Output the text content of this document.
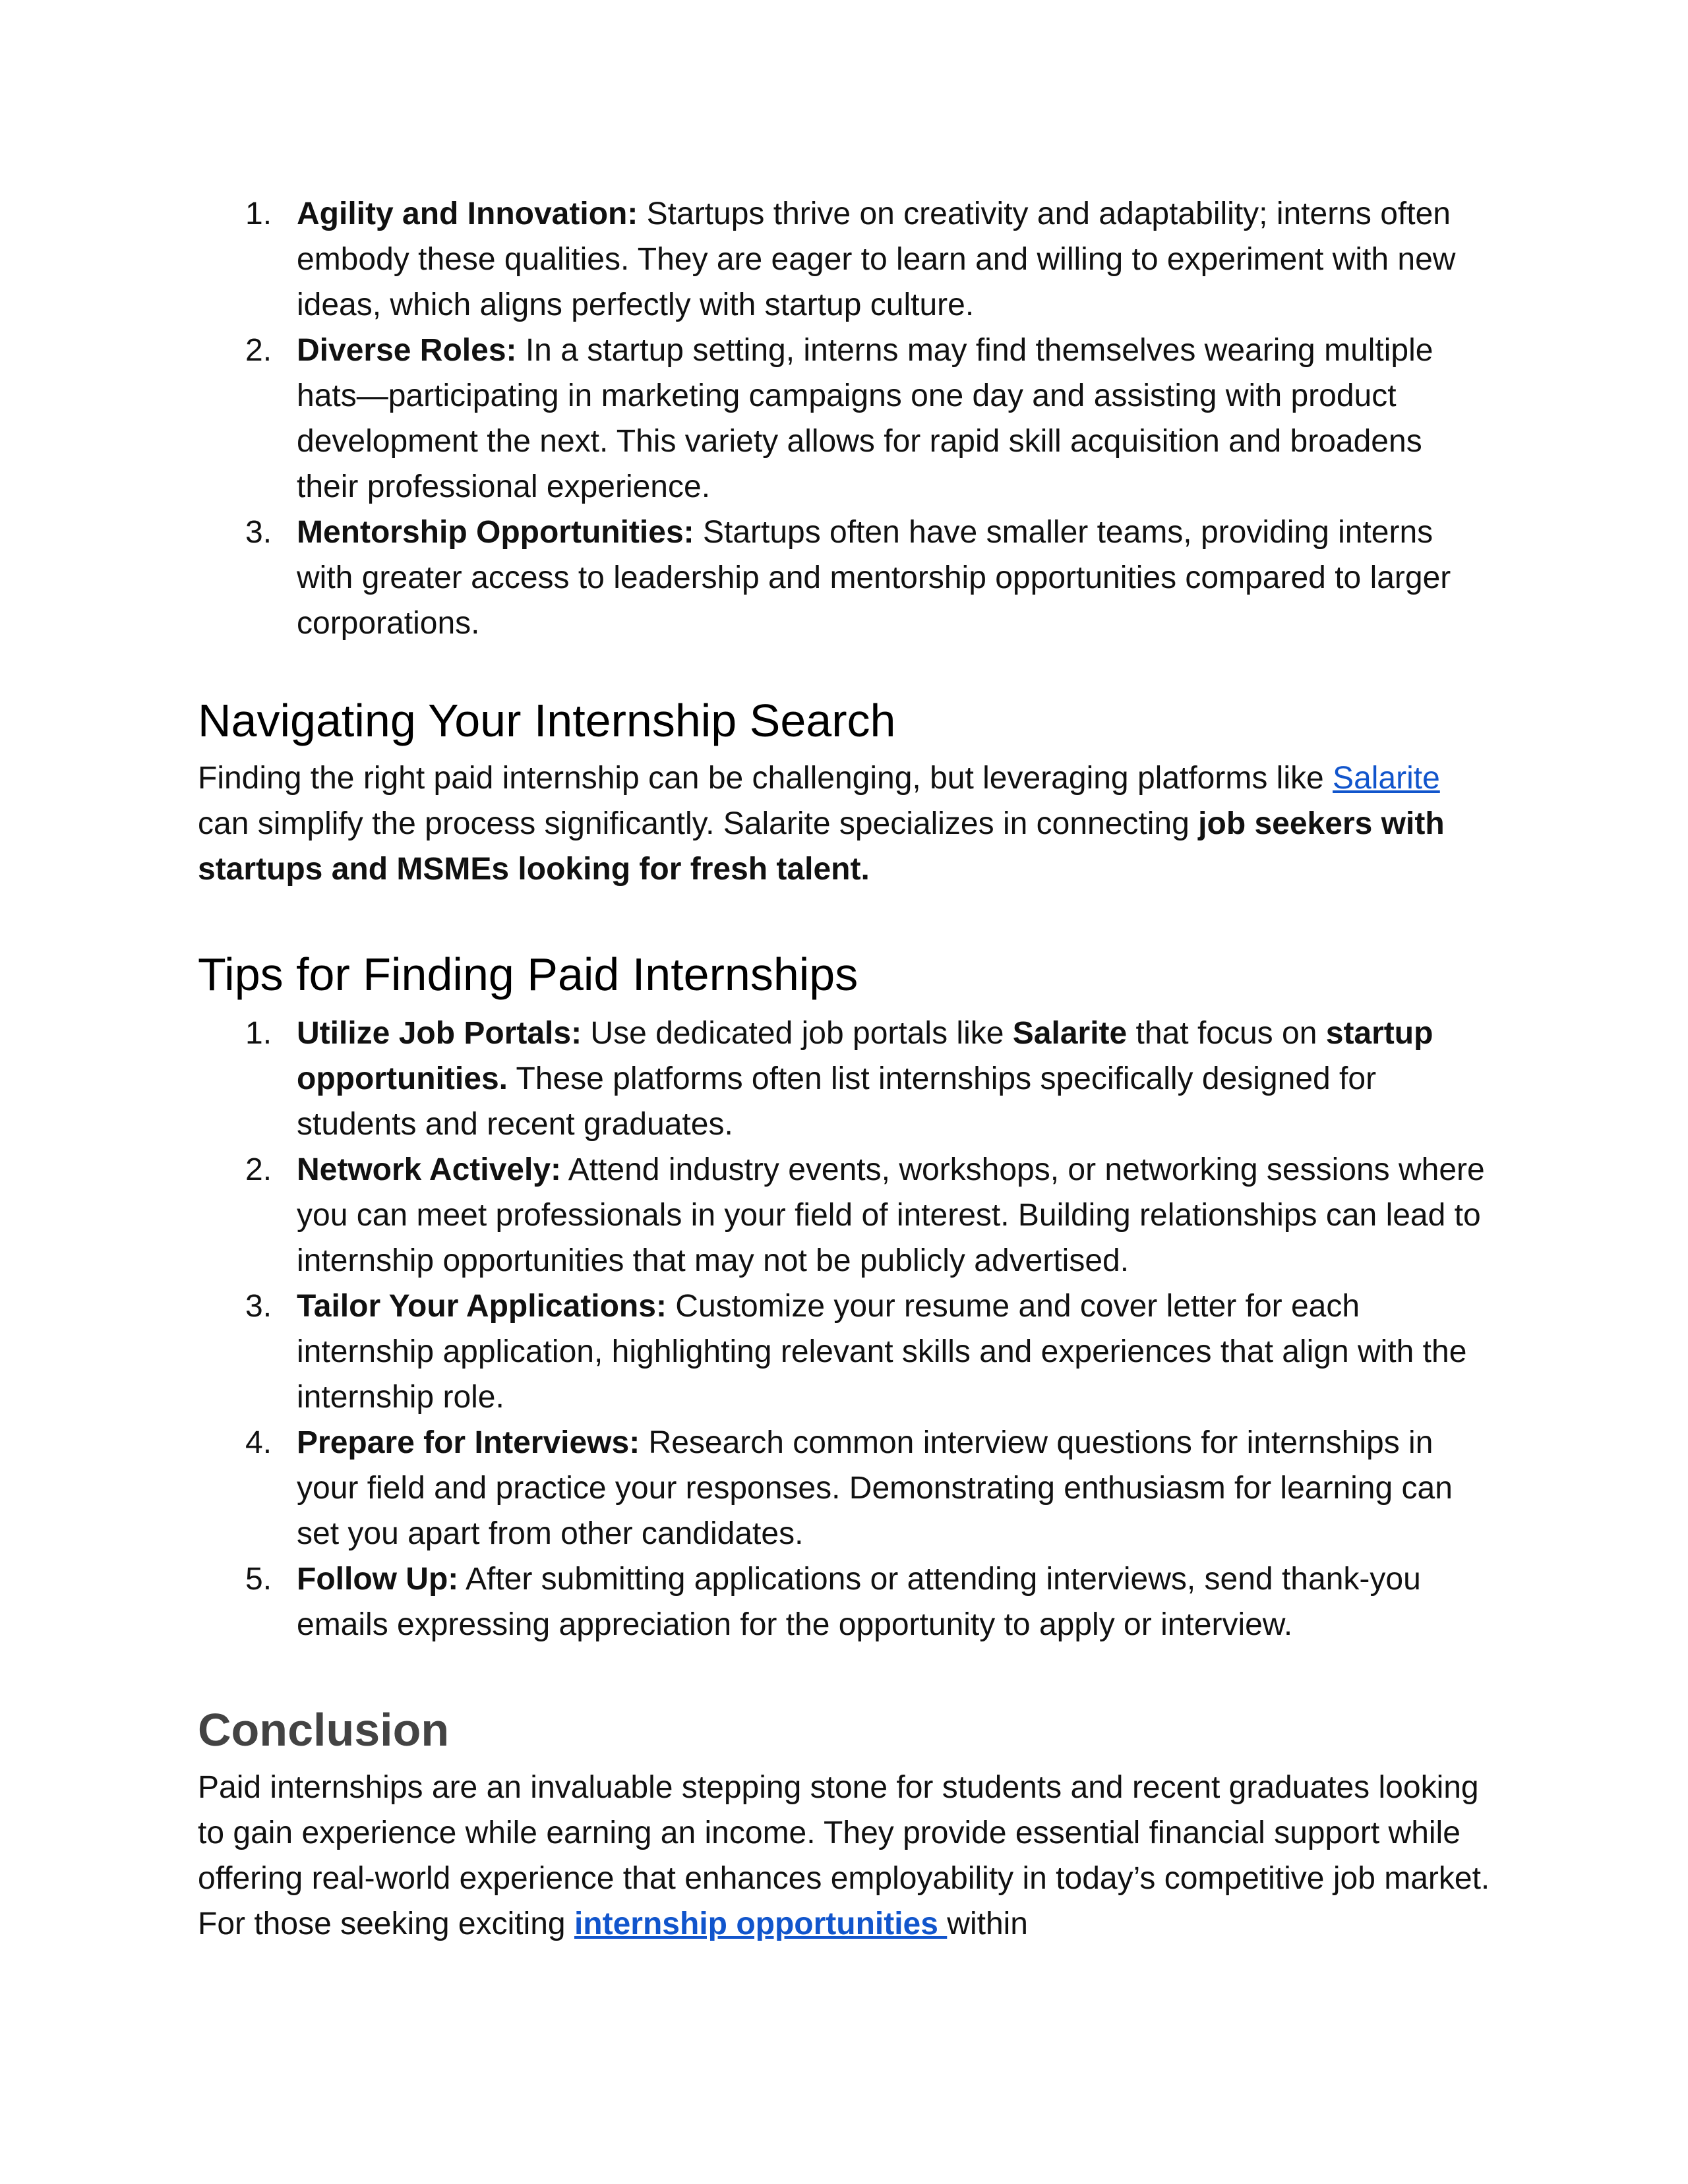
1. Agility and Innovation: Startups thrive on creativity and adaptability; interns often embody these qualities. They are eager to learn and willing to experiment with new ideas, which aligns perfectly with startup culture.
2. Diverse Roles: In a startup setting, interns may find themselves wearing multiple hats—participating in marketing campaigns one day and assisting with product development the next. This variety allows for rapid skill acquisition and broadens their professional experience.
3. Mentorship Opportunities: Startups often have smaller teams, providing interns with greater access to leadership and mentorship opportunities compared to larger corporations.
Navigating Your Internship Search

Finding the right paid internship can be challenging, but leveraging platforms like Salarite can simplify the process significantly. Salarite specializes in connecting job seekers with startups and MSMEs looking for fresh talent.

Tips for Finding Paid Internships
1. Utilize Job Portals: Use dedicated job portals like Salarite that focus on startup opportunities. These platforms often list internships specifically designed for students and recent graduates.
2. Network Actively: Attend industry events, workshops, or networking sessions where you can meet professionals in your field of interest. Building relationships can lead to internship opportunities that may not be publicly advertised.
3. Tailor Your Applications: Customize your resume and cover letter for each internship application, highlighting relevant skills and experiences that align with the internship role.
4. Prepare for Interviews: Research common interview questions for internships in your field and practice your responses. Demonstrating enthusiasm for learning can set you apart from other candidates.
5. Follow Up: After submitting applications or attending interviews, send thank-you emails expressing appreciation for the opportunity to apply or interview.
Conclusion

Paid internships are an invaluable stepping stone for students and recent graduates looking to gain experience while earning an income. They provide essential financial support while offering real-world experience that enhances employability in today’s competitive job market. For those seeking exciting internship opportunities within
